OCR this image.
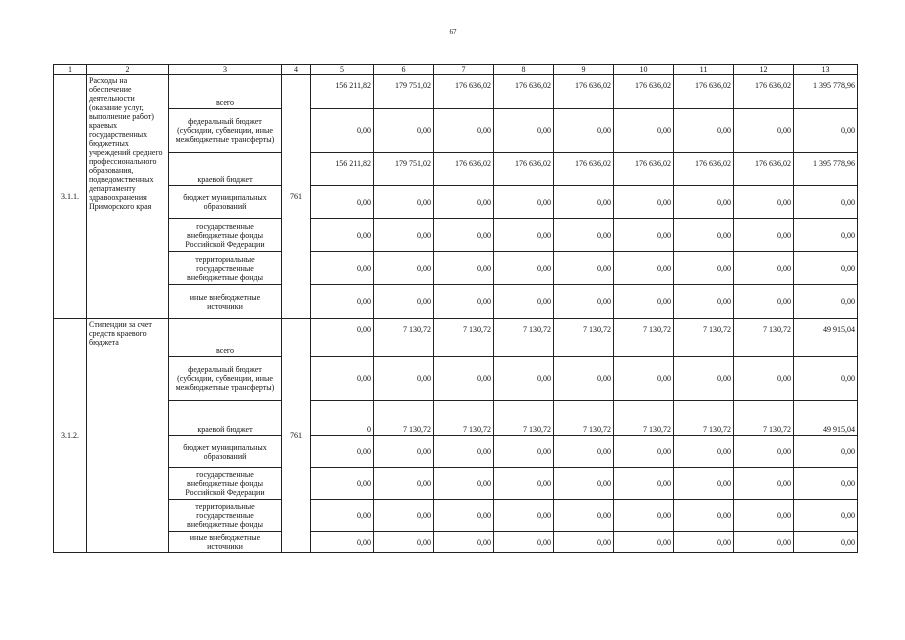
67
1	2	3	4	5	6	7	8	9	10	11	12	13
3.1.1.	Расходы на обеспечение деятельности (оказание услуг, выполнение работ) краевых государственных бюджетных учреждений среднего профессионального образования, подведомственных департаменту здравоохранения Приморского края	всего	761	156 211,82	179 751,02	176 636,02	176 636,02	176 636,02	176 636,02	176 636,02	176 636,02	1 395 778,96
		федеральный бюджет (субсидии, субвенции, иные межбюджетные трансферты)		0,00	0,00	0,00	0,00	0,00	0,00	0,00	0,00	0,00
		краевой бюджет		156 211,82	179 751,02	176 636,02	176 636,02	176 636,02	176 636,02	176 636,02	176 636,02	1 395 778,96
		бюджет муниципальных образований		0,00	0,00	0,00	0,00	0,00	0,00	0,00	0,00	0,00
		государственные внебюджетные фонды Российской Федерации		0,00	0,00	0,00	0,00	0,00	0,00	0,00	0,00	0,00
		территориальные государственные внебюджетные фонды		0,00	0,00	0,00	0,00	0,00	0,00	0,00	0,00	0,00
		иные внебюджетные источники		0,00	0,00	0,00	0,00	0,00	0,00	0,00	0,00	0,00
3.1.2.	Стипендии за счет средств краевого бюджета	всего	761	0,00	7 130,72	7 130,72	7 130,72	7 130,72	7 130,72	7 130,72	7 130,72	49 915,04
		федеральный бюджет (субсидии, субвенции, иные межбюджетные трансферты)		0,00	0,00	0,00	0,00	0,00	0,00	0,00	0,00	0,00
		краевой бюджет		0	7 130,72	7 130,72	7 130,72	7 130,72	7 130,72	7 130,72	7 130,72	49 915,04
		бюджет муниципальных образований		0,00	0,00	0,00	0,00	0,00	0,00	0,00	0,00	0,00
		государственные внебюджетные фонды Российской Федерации		0,00	0,00	0,00	0,00	0,00	0,00	0,00	0,00	0,00
		территориальные государственные внебюджетные фонды		0,00	0,00	0,00	0,00	0,00	0,00	0,00	0,00	0,00
		иные внебюджетные источники		0,00	0,00	0,00	0,00	0,00	0,00	0,00	0,00	0,00
